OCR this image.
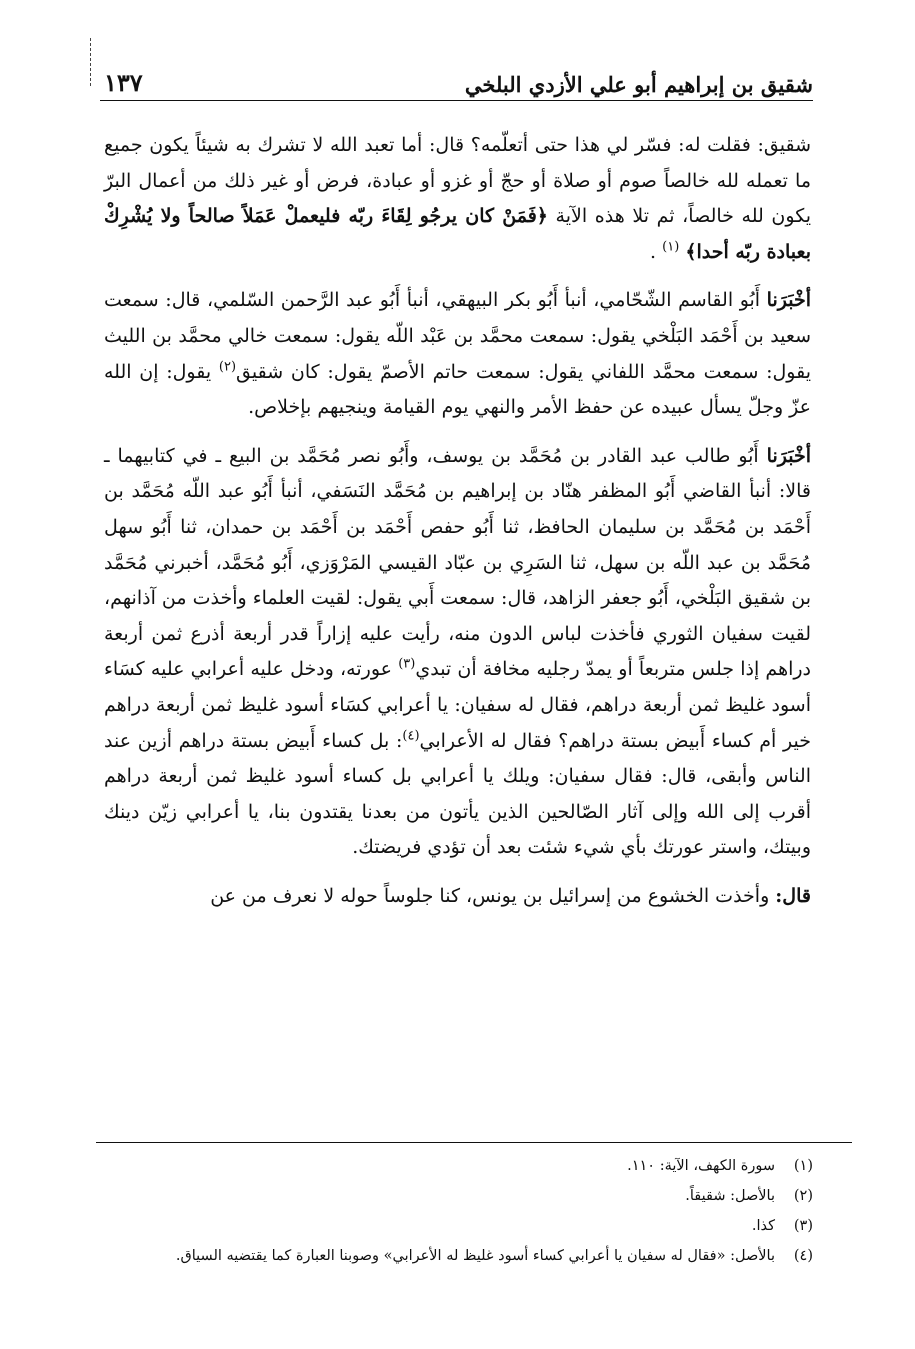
شقيق بن إبراهيم أبو علي الأزدي البلخي
١٣٧

شقيق: فقلت له: فسّر لي هذا حتى أتعلّمه؟ قال: أما تعبد الله لا تشرك به شيئاً يكون جميع ما تعمله لله خالصاً صوم أو صلاة أو حجّ أو غزو أو عبادة، فرض أو غير ذلك من أعمال البرّ يكون لله خالصاً، ثم تلا هذه الآية ﴿فَمَنْ كان يرجُو لِقَاءَ ربّه فليعملْ عَمَلاً صالحاً ولا يُشْرِكْ بعبادة ربّه أحدا﴾ $^{(١)}$ .

أخْبَرَنا أَبُو القاسم الشّحّامي، أنبأ أَبُو بكر البيهقي، أنبأ أَبُو عبد الرَّحمن السّلمي، قال: سمعت سعيد بن أَحْمَد البَلْخي يقول: سمعت محمَّد بن عَبْد اللّه يقول: سمعت خالي محمَّد بن الليث يقول: سمعت محمَّد اللفاني يقول: سمعت حاتم الأصمّ يقول: كان شقيق$^{(٢)}$ يقول: إن الله عزّ وجلّ يسأل عبيده عن حفظ الأمر والنهي يوم القيامة وينجيهم بإخلاص.

أخْبَرَنا أَبُو طالب عبد القادر بن مُحَمَّد بن يوسف، وأَبُو نصر مُحَمَّد بن البيع ـ في كتابيهما ـ قالا: أنبأ القاضي أَبُو المظفر هنّاد بن إبراهيم بن مُحَمَّد النَسَفي، أنبأ أَبُو عبد اللّه مُحَمَّد بن أَحْمَد بن مُحَمَّد بن سليمان الحافظ، ثنا أَبُو حفص أَحْمَد بن أَحْمَد بن حمدان، ثنا أَبُو سهل مُحَمَّد بن عبد اللّه بن سهل، ثنا السَرِي بن عبّاد القيسي المَرْوَزي، أَبُو مُحَمَّد، أخبرني مُحَمَّد بن شقيق البَلْخي، أَبُو جعفر الزاهد، قال: سمعت أَبي يقول: لقيت العلماء وأخذت من آذانهم، لقيت سفيان الثوري فأخذت لباس الدون منه، رأيت عليه إزاراً قدر أربعة أذرع ثمن أربعة دراهم إذا جلس متربعاً أو يمدّ رجليه مخافة أن تبدي$^{(٣)}$ عورته، ودخل عليه أعرابي عليه كسَاء أسود غليظ ثمن أربعة دراهم، فقال له سفيان: يا أعرابي كسَاء أسود غليظ ثمن أربعة دراهم خير أم كساء أَبيض بستة دراهم؟ فقال له الأعرابي$^{(٤)}$: بل كساء أَبيض بستة دراهم أزين عند الناس وأبقى، قال: فقال سفيان: ويلك يا أعرابي بل كساء أسود غليظ ثمن أربعة دراهم أقرب إلى الله وإلى آثار الصّالحين الذين يأتون من بعدنا يقتدون بنا، يا أعرابي زيّن دينك وبيتك، واستر عورتك بأي شيء شئت بعد أن تؤدي فريضتك.

قال: وأخذت الخشوع من إسرائيل بن يونس، كنا جلوساً حوله لا نعرف من عن

(١)
سورة الكهف، الآية: ١١٠.
(٢)
بالأصل: شقيقاً.
(٣)
كذا.
(٤)
بالأصل: «فقال له سفيان يا أعرابي كساء أسود غليظ له الأعرابي» وصوبنا العبارة كما يقتضيه السياق.
